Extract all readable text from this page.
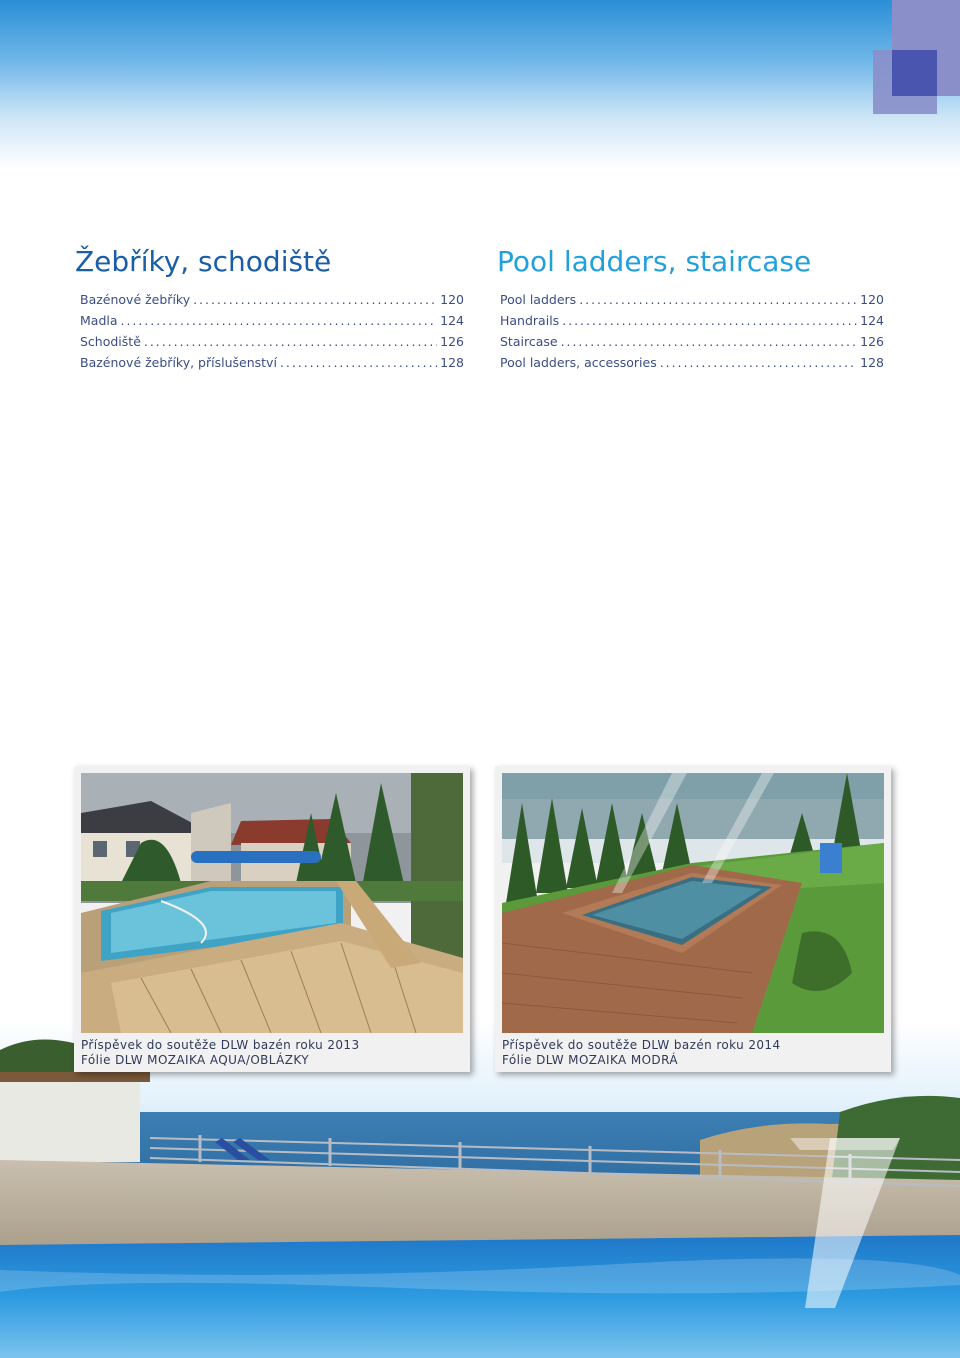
Žebříky, schodiště	Pool ladders, staircase
Bazénové žebříky . . .	120
Madla . . .	124
Schodiště . . .	126
Bazénové žebříky, příslušenství . . .	128
Pool ladders . . .	120
Handrails . . .	124
Staircase . . .	126
Pool ladders, accessories . . .	128
Příspěvek do soutěže DLW bazén roku 2013
Fólie DLW MOZAIKA AQUA/OBLÁZKY
Příspěvek do soutěže DLW bazén roku 2014
Fólie DLW MOZAIKA MODRÁ
